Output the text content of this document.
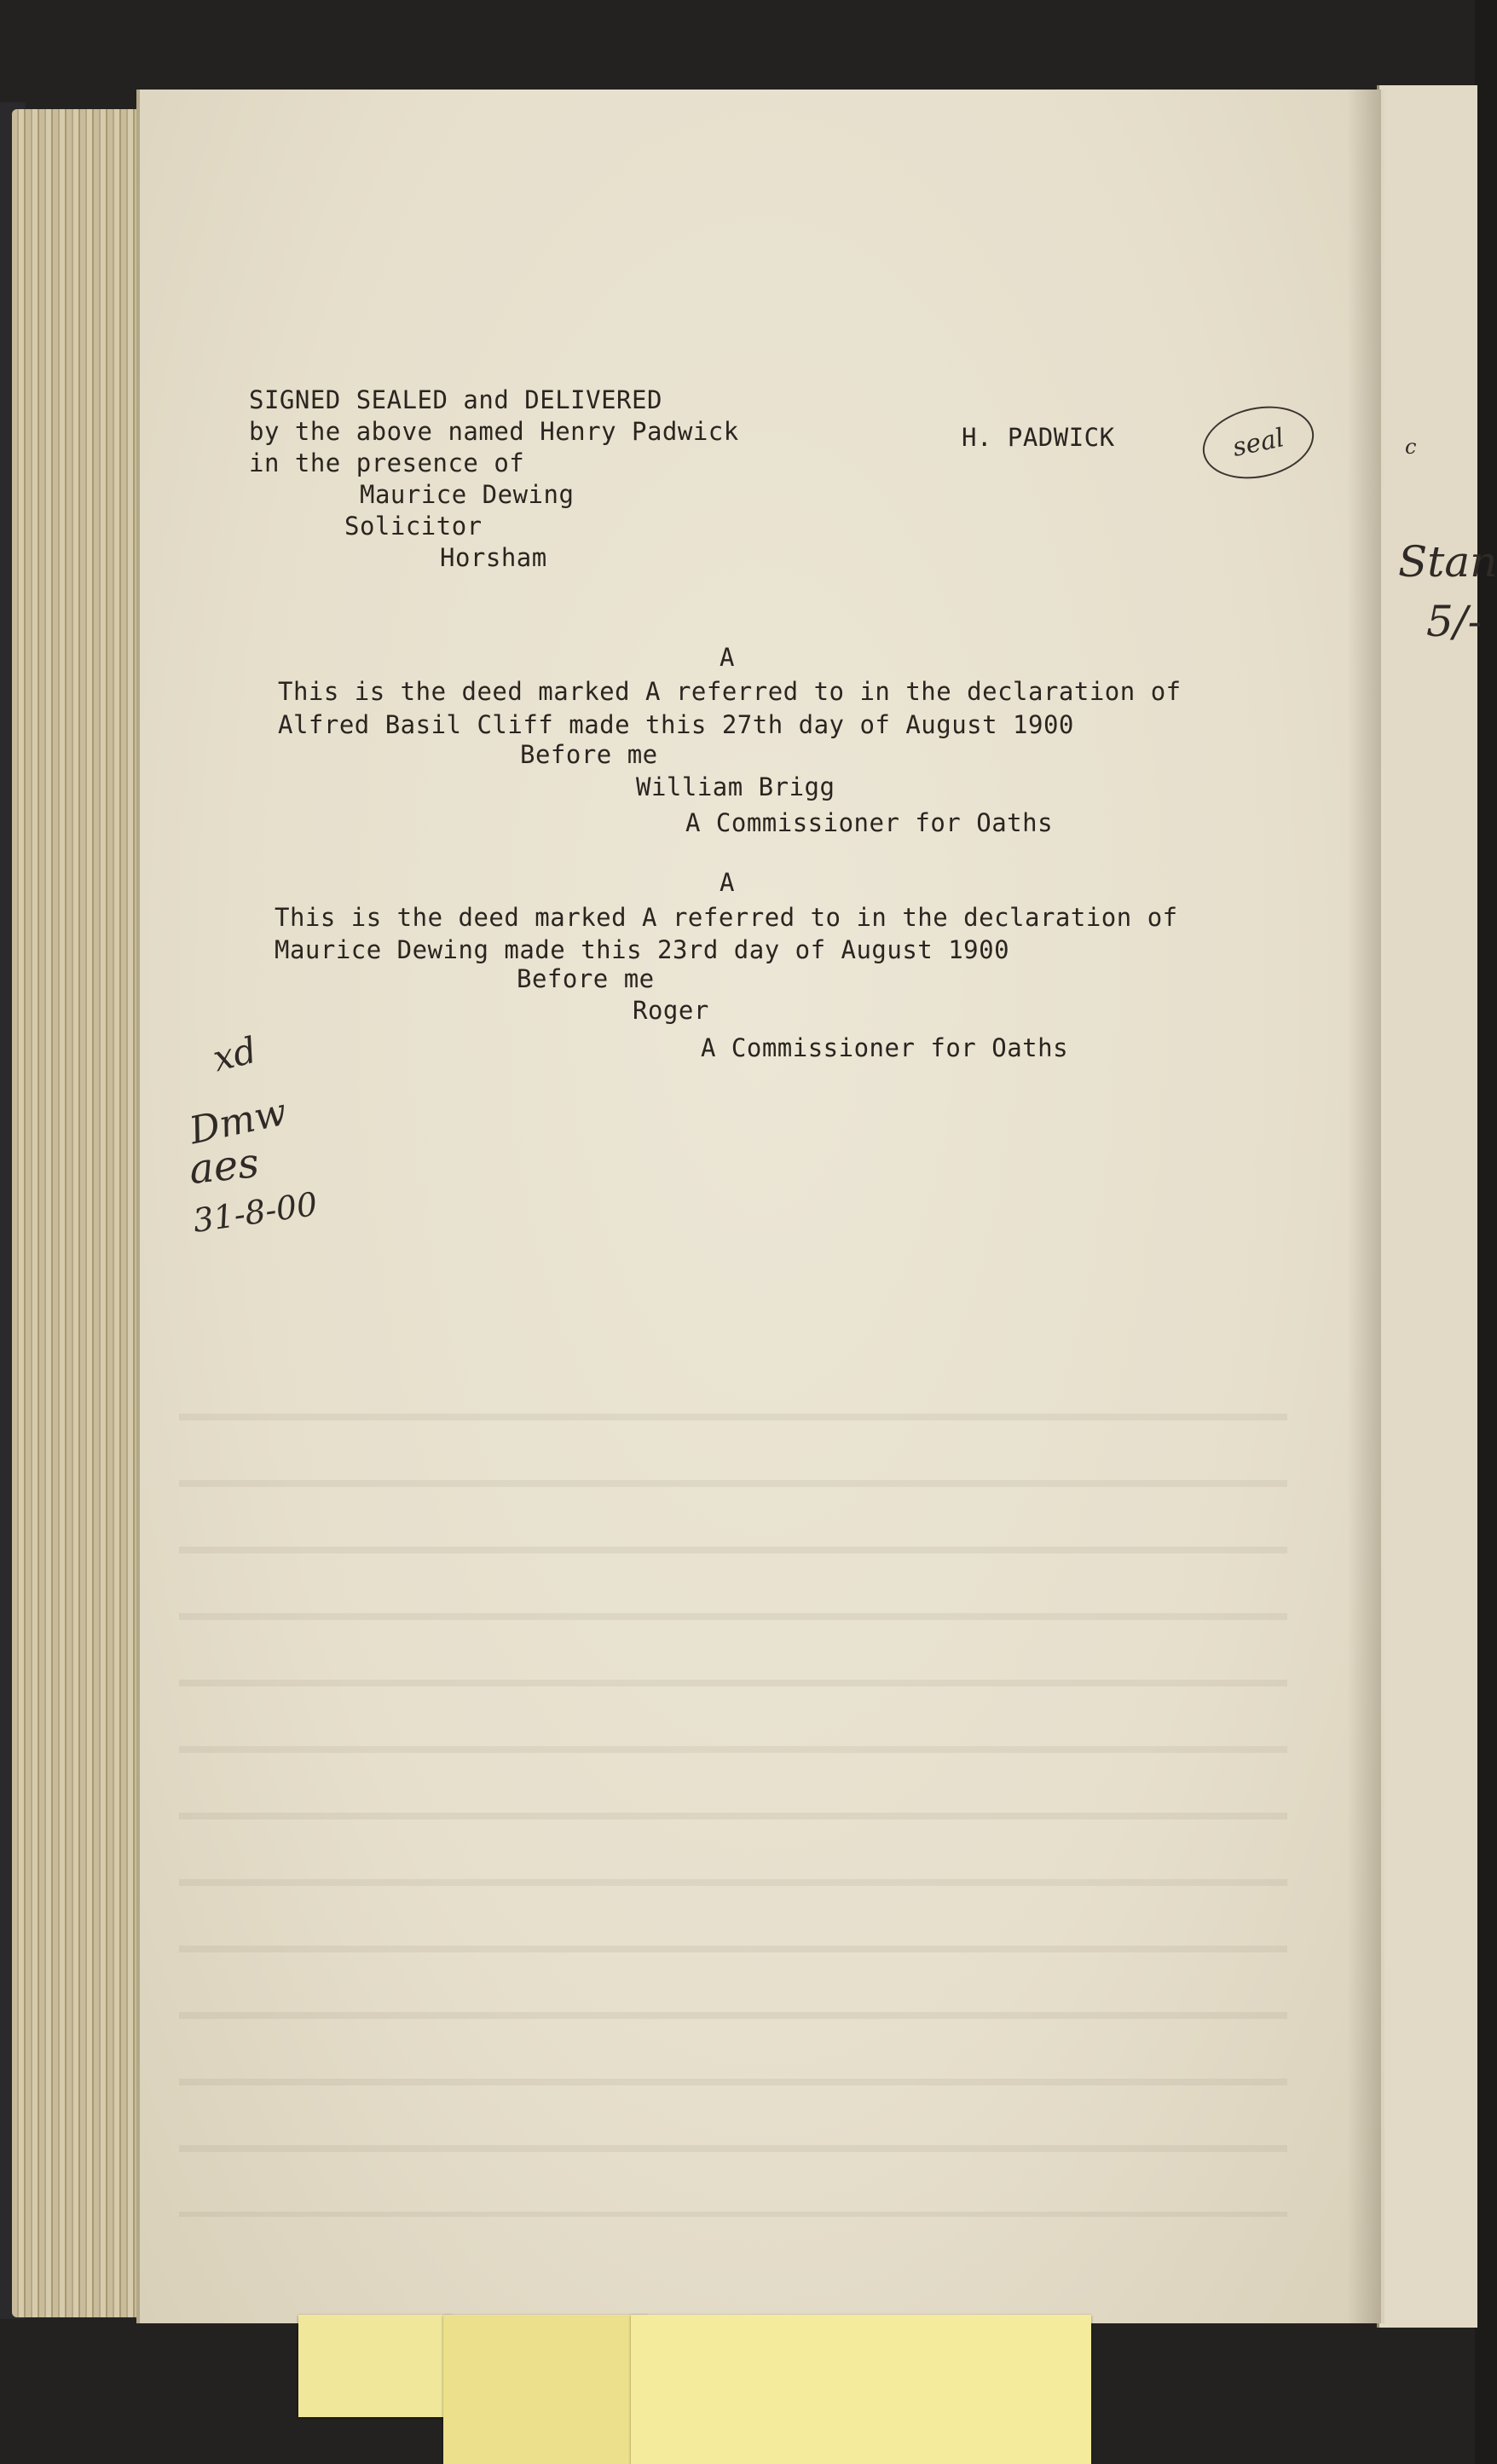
c
Stan
5/-
SIGNED SEALED and DELIVERED
by the above named Henry Padwick
in the presence of
Maurice Dewing
Solicitor
Horsham
H. PADWICK	seal
A
This is the deed marked A referred to in the declaration of
Alfred Basil Cliff made this 27th day of August 1900
Before me
William Brigg
A Commissioner for Oaths
A
This is the deed marked A referred to in the declaration of
Maurice Dewing made this 23rd day of August 1900
Before me
Roger
A Commissioner for Oaths
xd
Dmw
aes
31-8-00
